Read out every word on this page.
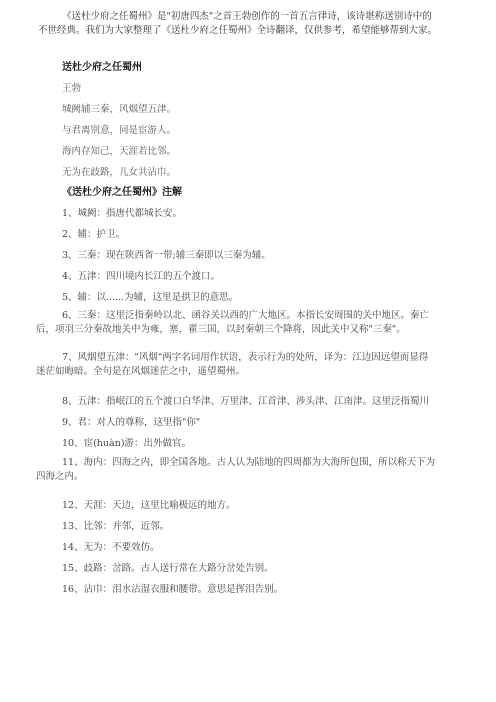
《送杜少府之任蜀州》是"初唐四杰"之首王勃创作的一首五言律诗，该诗堪称送别诗中的
不世经典。我们为大家整理了《送杜少府之任蜀州》全诗翻译，仅供参考，希望能够帮到大家。
送杜少府之任蜀州
王勃
城阙辅三秦，风烟望五津。
与君离别意，同是宦游人。
海内存知己，天涯若比邻。
无为在歧路，儿女共沾巾。
《送杜少府之任蜀州》注解
1、城阙：指唐代都城长安。
2、辅：护卫。
3、三秦：现在陕西省一带;辅三秦即以三秦为辅。
4、五津：四川境内长江的五个渡口。
5、辅：以......为辅，这里是拱卫的意思。
6、三秦：这里泛指秦岭以北、函谷关以西的广大地区。本指长安周围的关中地区。秦亡
后，项羽三分秦故地关中为雍，塞，翟三国，以封秦朝三个降将，因此关中又称"三秦"。
7、风烟望五津："风烟"两字名词用作状语，表示行为的处所，译为：江边因远望而显得
迷茫如晦暗。全句是在风烟迷茫之中，遥望蜀州。
8、五津：指岷江的五个渡口白华津、万里津、江首津、涉头津、江南津。这里泛指蜀川
9、君：对人的尊称，这里指"你"
10、宦(huàn)游：出外做官。
11、海内：四海之内，即全国各地。古人认为陆地的四周都为大海所包围，所以称天下为
四海之内。
12、天涯：天边，这里比喻极远的地方。
13、比邻：并邻，近邻。
14、无为：不要效仿。
15、歧路：岔路。古人送行常在大路分岔处告别。
16、沾巾：泪水沾湿衣服和腰带。意思是挥泪告别。
